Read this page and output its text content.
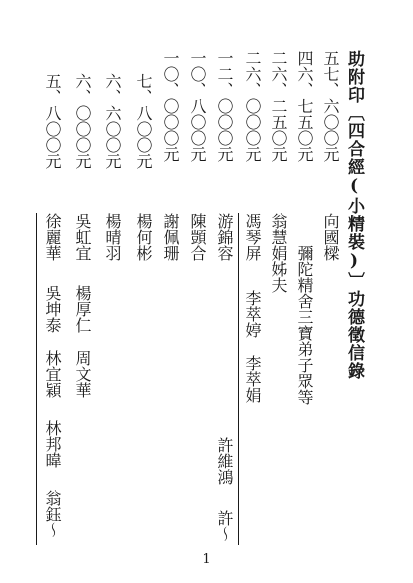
助附印〔四合經(小精裝)〕功德徵信錄
五七、六〇〇元
四六、七五〇元
二六、二五〇元
二六、〇〇〇元
一二、〇〇〇元
一〇、八〇〇元
一〇、〇〇〇元
七、八〇〇元
六、六〇〇元
六、〇〇〇元
五、八〇〇元
向國樑
彌陀精舍三寶弟子眾等
翁慧娟姊夫
馮琴屏
李萃婷
李萃娟
游錦容
許維鴻
許〜
陳顗合
謝佩珊
楊何彬
楊晴羽
吳虹宜
楊厚仁
周文華
徐麗華
吳坤泰
林宜穎
林邦暐
翁鈺〜
1
